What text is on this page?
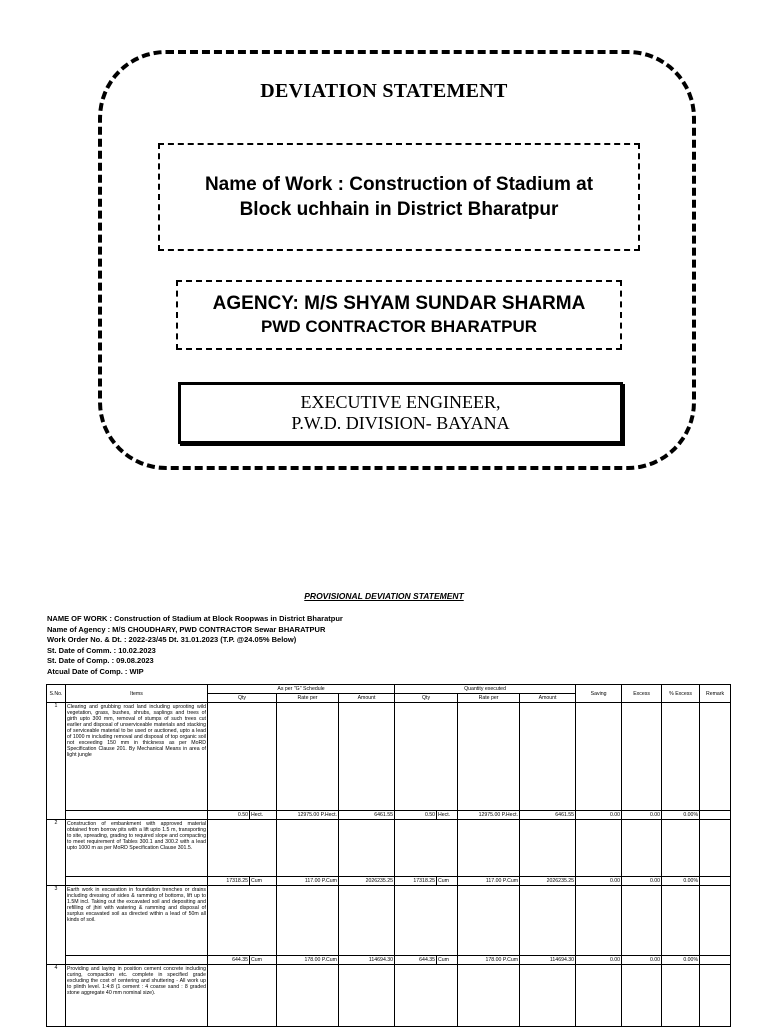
DEVIATION STATEMENT
Name of Work : Construction of Stadium at
Block uchhain in District Bharatpur
AGENCY: M/S SHYAM SUNDAR SHARMA
PWD CONTRACTOR BHARATPUR
EXECUTIVE ENGINEER,
P.W.D. DIVISION- BAYANA
PROVISIONAL DEVIATION STATEMENT
NAME OF WORK : Construction of Stadium at Block Roopwas in District Bharatpur
Name of Agency : M/S CHOUDHARY, PWD CONTRACTOR Sewar BHARATPUR
Work Order No. & Dt. : 2022-23/45 Dt. 31.01.2023 (T.P. @24.05% Below)
St. Date of Comm. : 10.02.2023
St. Date of Comp. : 09.08.2023
Atcual Date of Comp. : WIP
S.No.	Items	As per "G" Schedule				Quantity executed				Saving	Excess	% Excess	Remark
		Qty		Rate per	Amount	Qty		Rate per	Amount				
1	Clearing and grubbing road land including uprooting wild vegetation, grass, bushes, shrubs, saplings and trees of girth upto 300 mm, removal of stumps of such trees cut earlier and disposal of unserviceable materials and stacking of serviceable material to be used or auctioned, upto a lead of 1000 m including removal and disposal of top organic soil not exceeding 150 mm in thickness as per MoRD Specification Clause 201. By Mechanical Means in area of light jungle												
		0.50	Hect.	12975.00 P.Hect.	6461.55	0.50	Hect.	12975.00 P.Hect.	6461.55	0.00	0.00	0.00%	
2	Construction of embankment with approved material obtained from borrow pits with a lift upto 1.5 m, transporting to site, spreading, grading to required slope and compacting to meet requirement of Tables 300.1 and 300.2 with a lead upto 1000 m as per MoRD Specification Clause 301.5.												
		17318.25	Cum	117.00 P.Cum	2026235.25	17318.25	Cum	117.00 P.Cum	2026235.25	0.00	0.00	0.00%	
3	Earth work in excavation in foundation trenches or drains including dressing of sides & ramming of bottoms, lift up to 1.5M incl. Taking out the excavated soil and depositing and refilling of jhiri with watering & ramming and disposal of surplus excavated soil as directed within a lead of 50m all kinds of soil.												
		644.35	Cum	178.00 P.Cum	114694.30	644.35	Cum	178.00 P.Cum	114694.30	0.00	0.00	0.00%	
4	Providing and laying in position cement concrete including curing, compaction etc. complete in specified grade excluding the cost of centering and shuttering - All work up to plinth level. 1:4:8 (1 cement : 4 coarse sand : 8 graded stone aggregate 40 mm nominal size).												
